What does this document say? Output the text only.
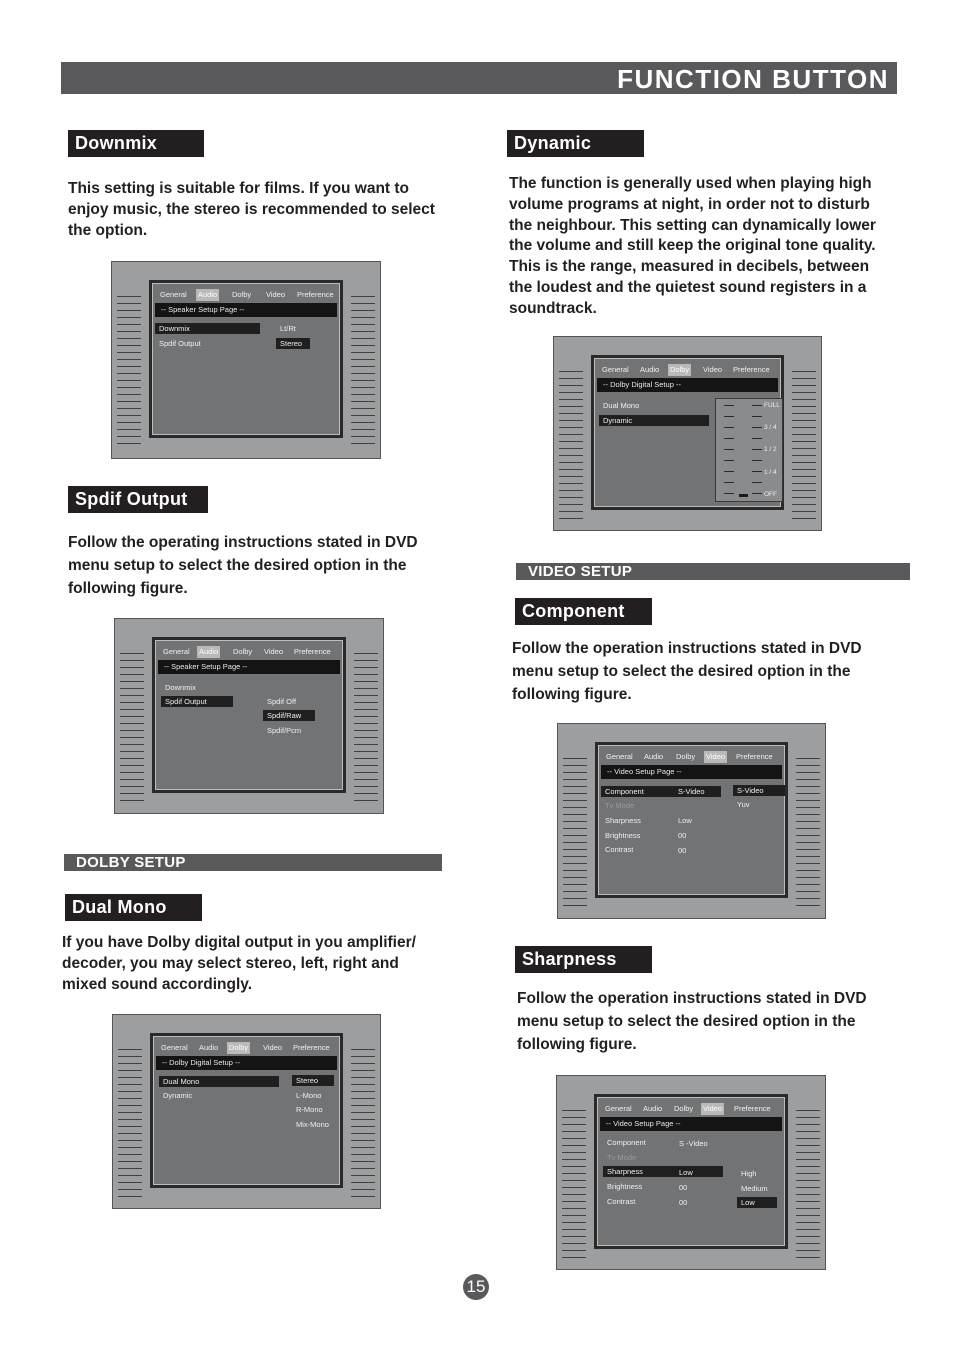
FUNCTION BUTTON
Downmix
This setting is suitable for films. If you want to
enjoy music, the stereo is recommended to select
the option.
General Audio Dolby Video Preference
-- Speaker Setup Page --
Downmix
Spdif Output
Lt/Rt
Stereo
Spdif Output
Follow the operating instructions stated in DVD
menu setup to select the desired option in the
following figure.
General Audio Dolby Video Preference
-- Speaker Setup Page --
Downmix
Spdif Output	Spdif Off
Spdif/Raw
Spdif/Pcm
DOLBY SETUP
Dual Mono
If you have Dolby digital output in you amplifier/
decoder, you may select stereo, left, right and
mixed sound accordingly.
General Audio Dolby Video Preference
-- Dolby Digital Setup --
Dual Mono
Dynamic
Stereo
L-Mono
R-Mono
Mix-Mono
Dynamic
The function is generally used when playing high
volume programs at night, in order not to disturb
the neighbour. This setting can dynamically lower
the volume and still keep the original tone quality.
This is the range, measured in decibels, between
the loudest and the quietest sound registers in a
soundtrack.
General Audio Dolby Video Preference
-- Dolby Digital Setup --
Dual Mono
Dynamic
FULL
3 / 4
1 / 2
1 / 4
OFF
VIDEO SETUP
Component
Follow the operation instructions stated in DVD
menu setup to select the desired option in the
following figure.
General Audio Dolby Video Preference
-- Video Setup Page --
Component
Tv Mode
Sharpness
Brightness
Contrast
S-Video
Low
00
00
S-Video
Yuv
Sharpness
Follow the operation instructions stated in DVD
menu setup to select the desired option in the
following figure.
General Audio Dolby Video Preference
-- Video Setup Page --
Component
Tv Mode
Sharpness
Brightness
Contrast
S -Video
Low
00
00
High
Medium
Low
15
